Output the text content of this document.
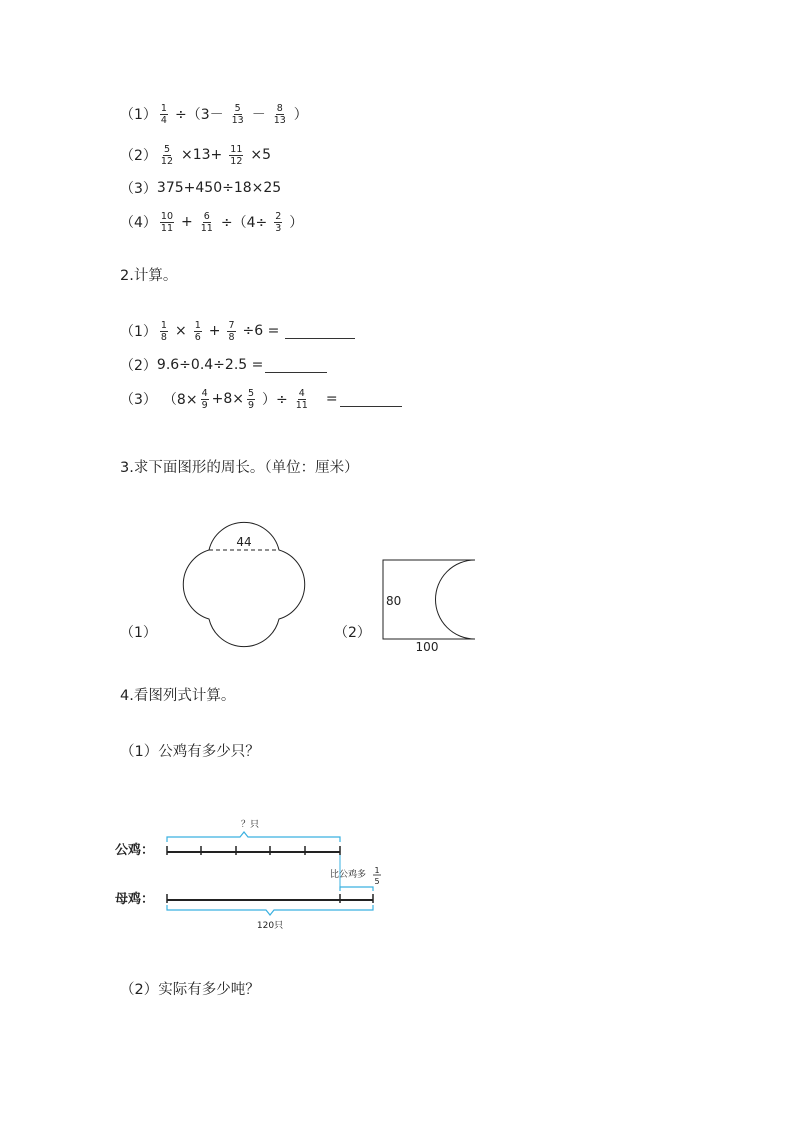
$(1) \frac{1}{4} \div(3- \frac{5}{13} - \frac{8}{13}$ ）
$(2) \frac{5}{12} \times 13+ \frac{11}{12} \times 5$
（3） 375+450÷18×25
$(4) \frac{10}{11} + \frac{6}{11} \div(4\div \frac{2}{3}$ ）
2.计算。
$(1) \frac{1}{8} \times \frac{1}{6} + \frac{7}{8} \div 6$ =
（2） 9.6÷0.4÷2.5 =
（3） （$8\times \frac{4}{9} +8\times \frac{5}{9}$ ）÷ $\frac{4}{11}$ =
3.求下面图形的周长。（单位：厘米）
（1）
44
（2）
80
100
4.看图列式计算。
（1）公鸡有多少只？
？只
公鸡：
比公鸡多 1
5
母鸡：
120只
（2）实际有多少吨？
